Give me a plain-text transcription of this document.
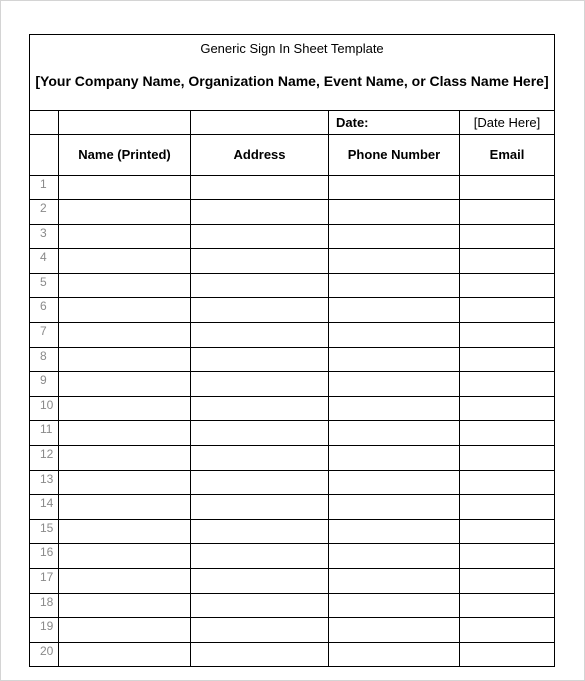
Generic Sign In Sheet Template				
[Your Company Name, Organization Name, Event Name, or Class Name Here]				
			Date:	[Date Here]
	Name (Printed)	Address	Phone Number	Email
1				
2				
3				
4				
5				
6				
7				
8				
9				
10				
11				
12				
13				
14				
15				
16				
17				
18				
19				
20				
